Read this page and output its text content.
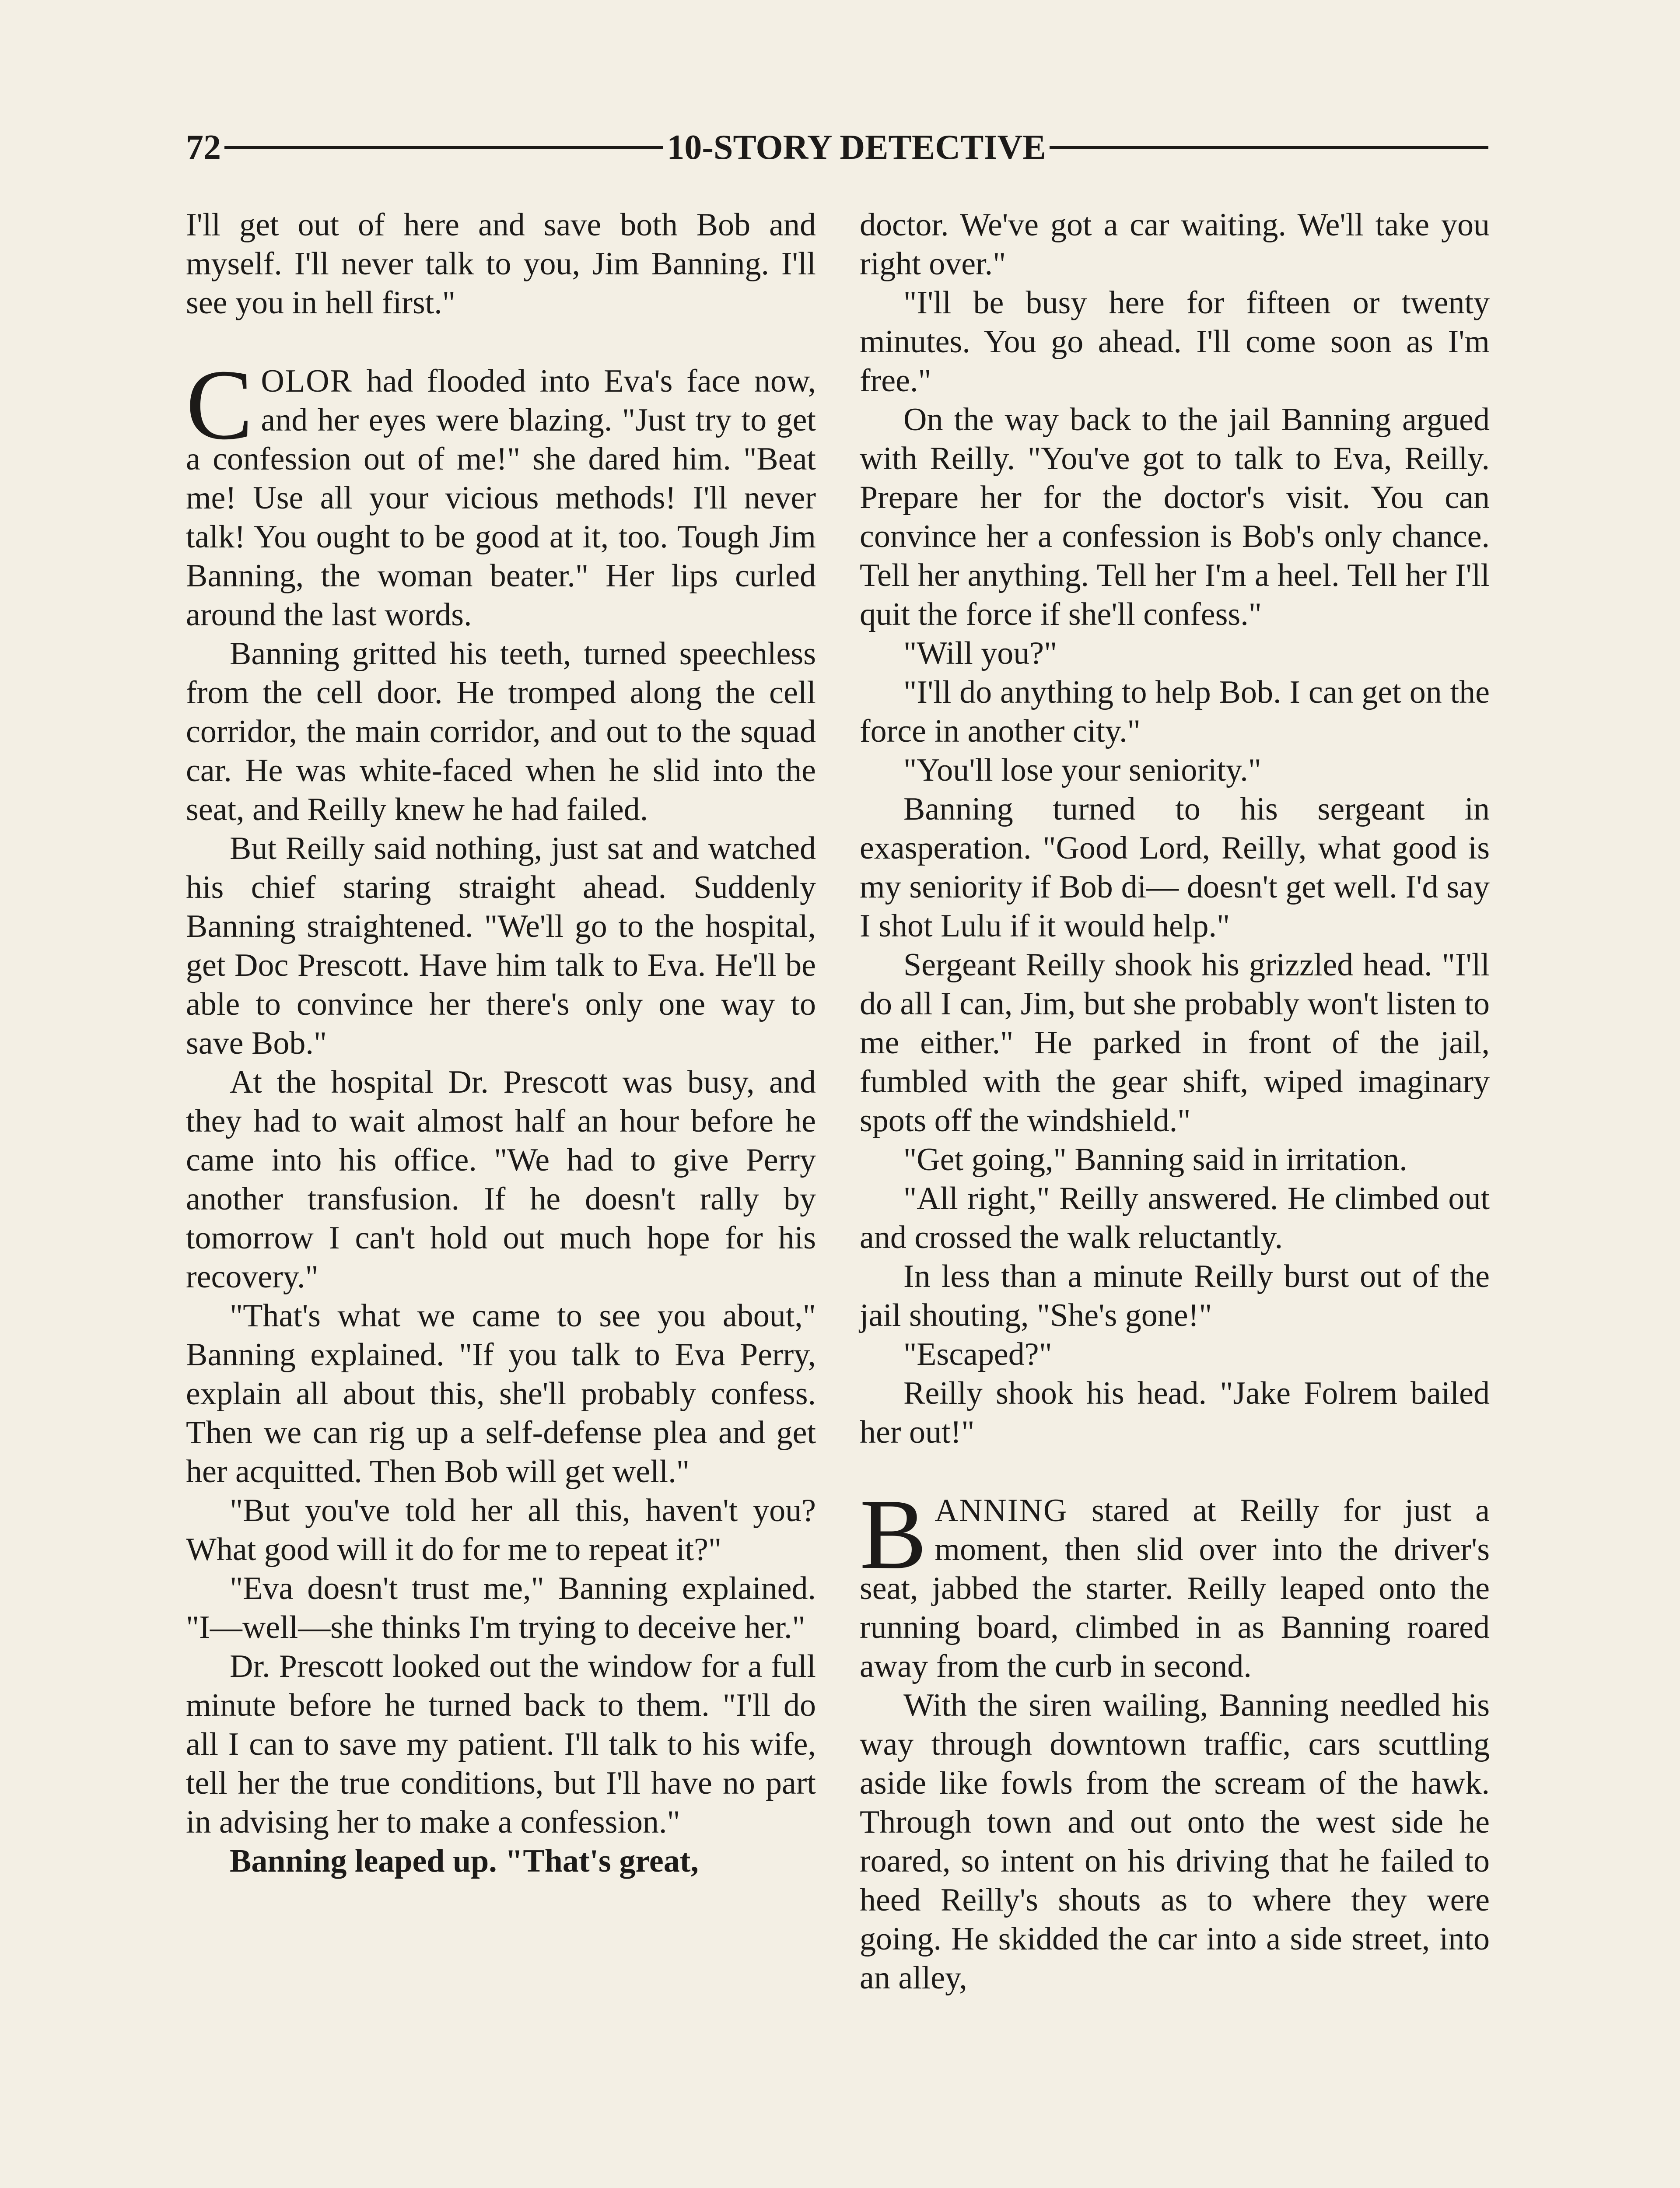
72	10-STORY DETECTIVE

I'll get out of here and save both Bob and myself. I'll never talk to you, Jim Banning. I'll see you in hell first."

COLOR had flooded into Eva's face now, and her eyes were blazing. "Just try to get a confession out of me!" she dared him. "Beat me! Use all your vicious methods! I'll never talk! You ought to be good at it, too. Tough Jim Banning, the woman beater." Her lips curled around the last words.

Banning gritted his teeth, turned speechless from the cell door. He tromped along the cell corridor, the main corridor, and out to the squad car. He was white-faced when he slid into the seat, and Reilly knew he had failed.

But Reilly said nothing, just sat and watched his chief staring straight ahead. Suddenly Banning straightened. "We'll go to the hospital, get Doc Prescott. Have him talk to Eva. He'll be able to convince her there's only one way to save Bob."

At the hospital Dr. Prescott was busy, and they had to wait almost half an hour before he came into his office. "We had to give Perry another transfusion. If he doesn't rally by tomorrow I can't hold out much hope for his recovery."

"That's what we came to see you about," Banning explained. "If you talk to Eva Perry, explain all about this, she'll probably confess. Then we can rig up a self-defense plea and get her acquitted. Then Bob will get well."

"But you've told her all this, haven't you? What good will it do for me to repeat it?"

"Eva doesn't trust me," Banning explained. "I—well—she thinks I'm trying to deceive her."

Dr. Prescott looked out the window for a full minute before he turned back to them. "I'll do all I can to save my patient. I'll talk to his wife, tell her the true conditions, but I'll have no part in advising her to make a confession."

Banning leaped up. "That's great,

doctor. We've got a car waiting. We'll take you right over."

"I'll be busy here for fifteen or twenty minutes. You go ahead. I'll come soon as I'm free."

On the way back to the jail Banning argued with Reilly. "You've got to talk to Eva, Reilly. Prepare her for the doctor's visit. You can convince her a confession is Bob's only chance. Tell her anything. Tell her I'm a heel. Tell her I'll quit the force if she'll confess."

"Will you?"

"I'll do anything to help Bob. I can get on the force in another city."

"You'll lose your seniority."

Banning turned to his sergeant in exasperation. "Good Lord, Reilly, what good is my seniority if Bob di— doesn't get well. I'd say I shot Lulu if it would help."

Sergeant Reilly shook his grizzled head. "I'll do all I can, Jim, but she probably won't listen to me either." He parked in front of the jail, fumbled with the gear shift, wiped imaginary spots off the windshield."

"Get going," Banning said in irritation.

"All right," Reilly answered. He climbed out and crossed the walk reluctantly.

In less than a minute Reilly burst out of the jail shouting, "She's gone!"

"Escaped?"

Reilly shook his head. "Jake Folrem bailed her out!"

BANNING stared at Reilly for just a moment, then slid over into the driver's seat, jabbed the starter. Reilly leaped onto the running board, climbed in as Banning roared away from the curb in second.

With the siren wailing, Banning needled his way through downtown traffic, cars scuttling aside like fowls from the scream of the hawk. Through town and out onto the west side he roared, so intent on his driving that he failed to heed Reilly's shouts as to where they were going. He skidded the car into a side street, into an alley,
